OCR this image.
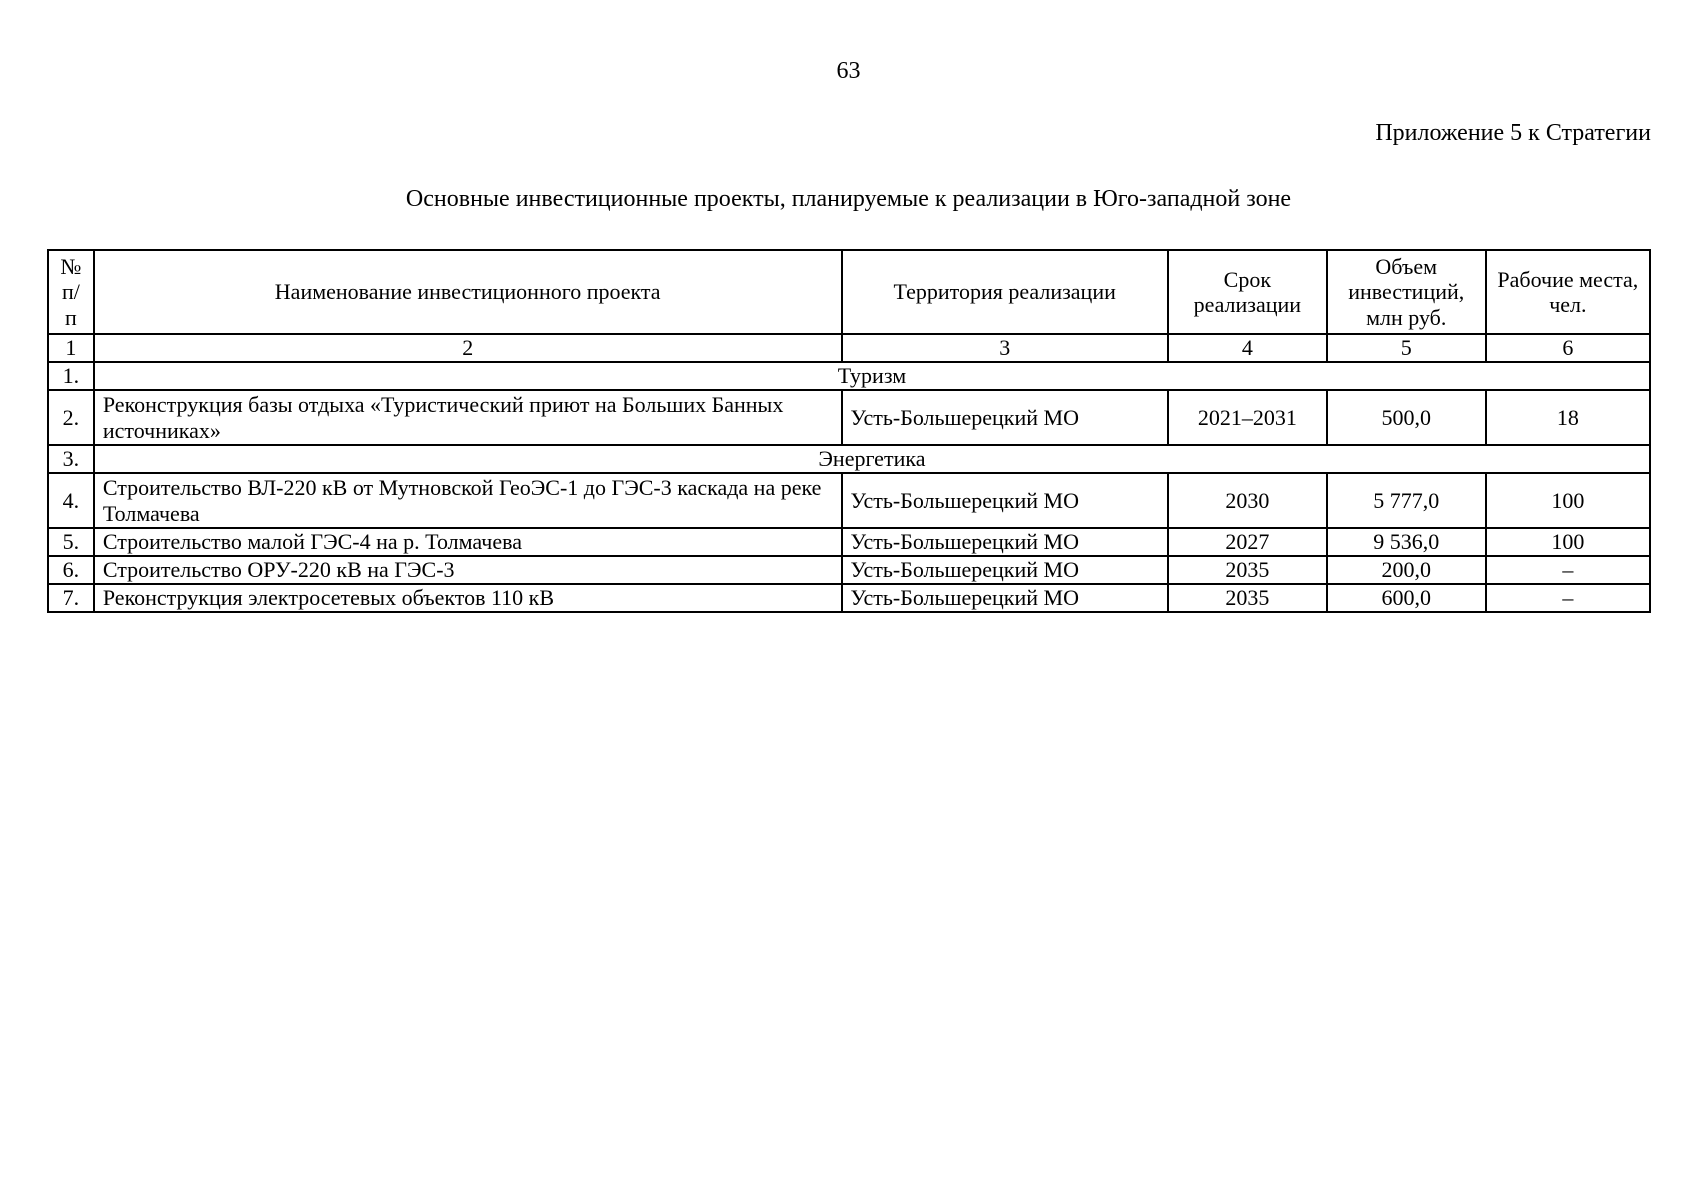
63
Приложение 5 к Стратегии
Основные инвестиционные проекты, планируемые к реализации в Юго-западной зоне
№ п/п	Наименование инвестиционного проекта	Территория реализации	Срок реализации	Объем инвестиций, млн руб.	Рабочие места, чел.
1	2	3	4	5	6
1.	Туризм				
2.	Реконструкция базы отдыха «Туристический приют на Больших Банных источниках»	Усть-Большерецкий МО	2021–2031	500,0	18
3.	Энергетика				
4.	Строительство ВЛ-220 кВ от Мутновской ГеоЭС-1 до ГЭС-3 каскада на реке Толмачева	Усть-Большерецкий МО	2030	5 777,0	100
5.	Строительство малой ГЭС-4 на р. Толмачева	Усть-Большерецкий МО	2027	9 536,0	100
6.	Строительство ОРУ-220 кВ на ГЭС-3	Усть-Большерецкий МО	2035	200,0	–
7.	Реконструкция электросетевых объектов 110 кВ	Усть-Большерецкий МО	2035	600,0	–
